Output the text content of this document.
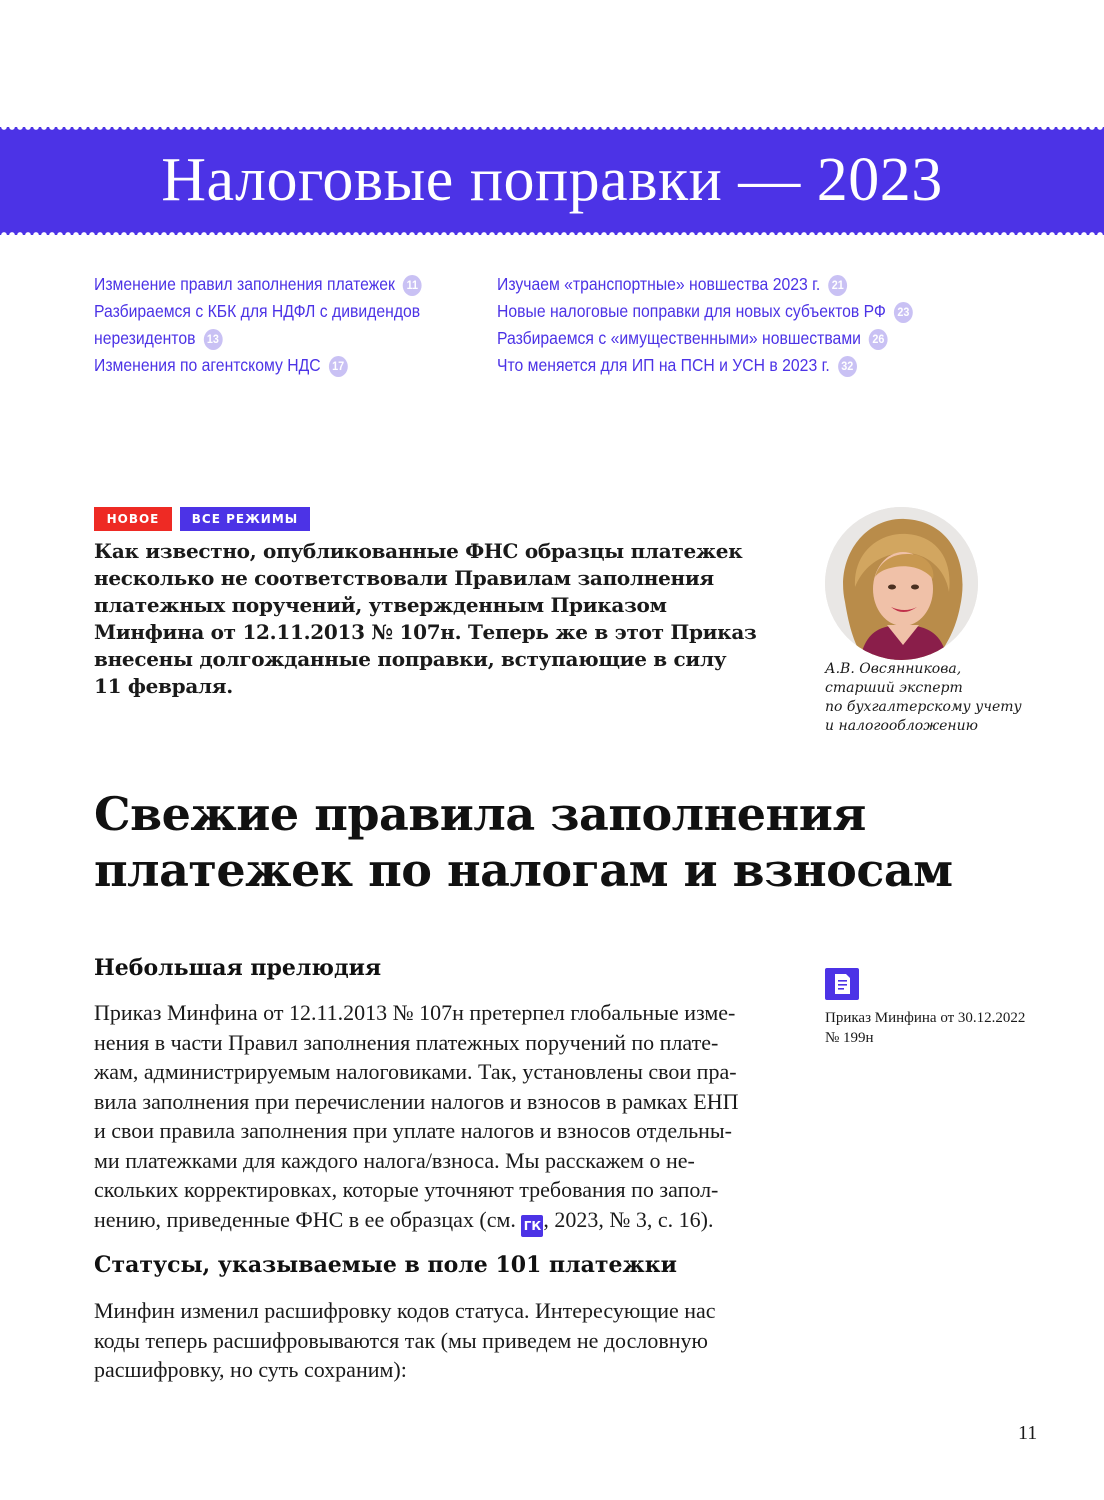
Налоговые поправки — 2023
Изменение правил заполнения платежек 11
Разбираемся с КБК для НДФЛ с дивидендов
нерезидентов 13
Изменения по агентскому НДС 17
Изучаем «транспортные» новшества 2023 г. 21
Новые налоговые поправки для новых субъектов РФ 23
Разбираемся с «имущественными» новшествами 26
Что меняется для ИП на ПСН и УСН в 2023 г. 32
НОВОЕ	ВСЕ РЕЖИМЫ
Как известно, опубликованные ФНС образцы платежек
несколько не соответствовали Правилам заполнения
платежных поручений, утвержденным Приказом
Минфина от 12.11.2013 № 107н. Теперь же в этот Приказ
внесены долгожданные поправки, вступающие в силу
11 февраля.
А.В. Овсянникова,
старший эксперт
по бухгалтерскому учету
и налогообложению
Свежие правила заполнения
платежек по налогам и взносам
Небольшая прелюдия
Приказ Минфина от 12.11.2013 № 107н претерпел глобальные изме-
нения в части Правил заполнения платежных поручений по плате-
жам, администрируемым налоговиками. Так, установлены свои пра-
вила заполнения при перечислении налогов и взносов в рамках ЕНП
и свои правила заполнения при уплате налогов и взносов отдельны-
ми платежками для каждого налога/взноса. Мы расскажем о не-
скольких корректировках, которые уточняют требования по запол-
нению, приведенные ФНС в ее образцах (см. ГК , 2023, № 3, с. 16).
Статусы, указываемые в поле 101 платежки
Минфин изменил расшифровку кодов статуса. Интересующие нас
коды теперь расшифровываются так (мы приведем не дословную
расшифровку, но суть сохраним):
Приказ Минфина от 30.12.2022
№ 199н
11
